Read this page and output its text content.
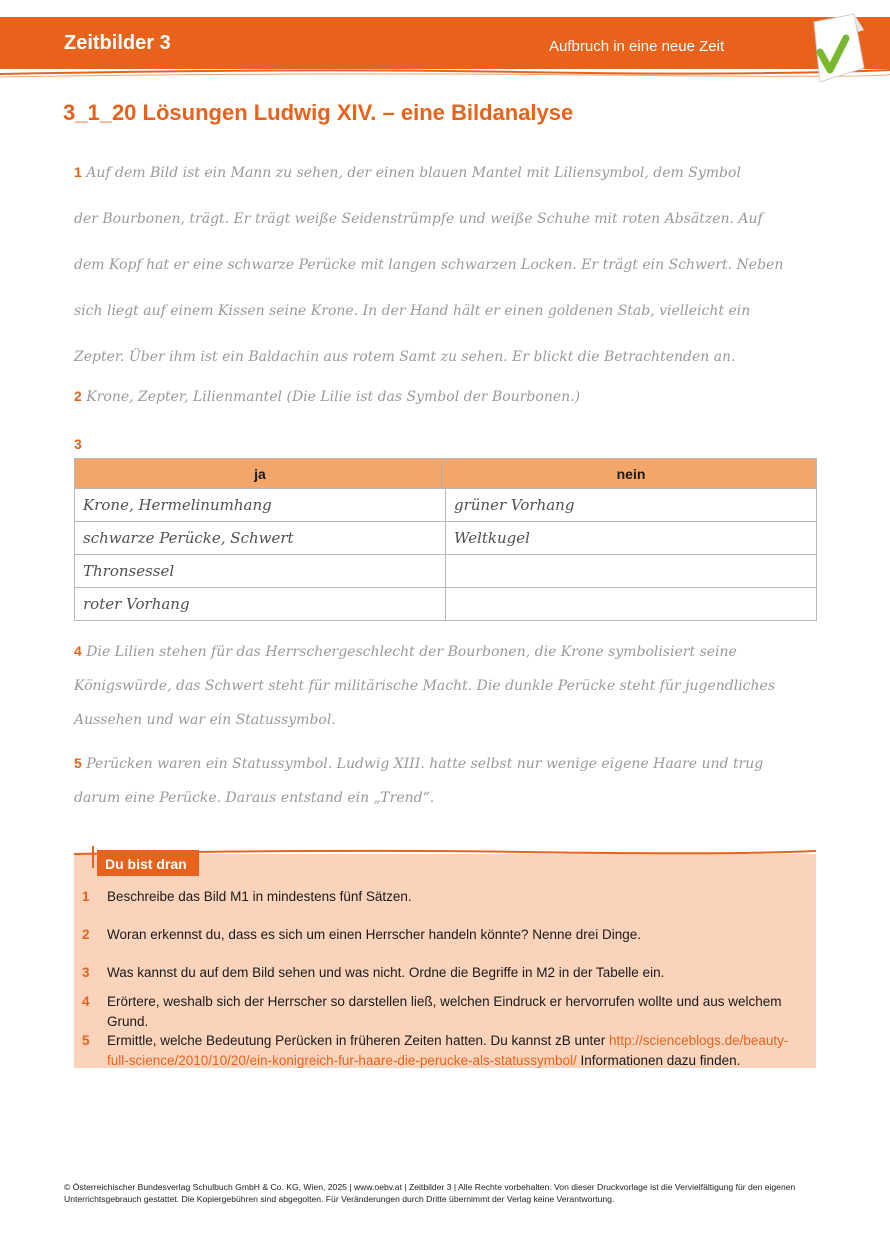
Zeitbilder 3	Aufbruch in eine neue Zeit
3_1_20 Lösungen Ludwig XIV. – eine Bildanalyse
1 Auf dem Bild ist ein Mann zu sehen, der einen blauen Mantel mit Liliensymbol, dem Symbol
der Bourbonen, trägt. Er trägt weiße Seidenstrümpfe und weiße Schuhe mit roten Absätzen. Auf
dem Kopf hat er eine schwarze Perücke mit langen schwarzen Locken. Er trägt ein Schwert. Neben
sich liegt auf einem Kissen seine Krone. In der Hand hält er einen goldenen Stab, vielleicht ein
Zepter. Über ihm ist ein Baldachin aus rotem Samt zu sehen. Er blickt die Betrachtenden an.
2 Krone, Zepter, Lilienmantel (Die Lilie ist das Symbol der Bourbonen.)
3
ja	nein
Krone, Hermelinumhang	grüner Vorhang
schwarze Perücke, Schwert	Weltkugel
Thronsessel	
roter Vorhang	
4 Die Lilien stehen für das Herrschergeschlecht der Bourbonen, die Krone symbolisiert seine
Königswürde, das Schwert steht für militärische Macht. Die dunkle Perücke steht für jugendliches
Aussehen und war ein Statussymbol.
5 Perücken waren ein Statussymbol. Ludwig XIII. hatte selbst nur wenige eigene Haare und trug
darum eine Perücke. Daraus entstand ein „Trend“.
Du bist dran
1 Beschreibe das Bild M1 in mindestens fünf Sätzen.
2 Woran erkennst du, dass es sich um einen Herrscher handeln könnte? Nenne drei Dinge.
3 Was kannst du auf dem Bild sehen und was nicht. Ordne die Begriffe in M2 in der Tabelle ein.
4 Erörtere, weshalb sich der Herrscher so darstellen ließ, welchen Eindruck er hervorrufen wollte und aus welchem Grund.
5 Ermittle, welche Bedeutung Perücken in früheren Zeiten hatten. Du kannst zB unter http://scienceblogs.de/beauty-full-science/2010/10/20/ein-konigreich-fur-haare-die-perucke-als-statussymbol/ Informationen dazu finden.
© Österreichischer Bundesverlag Schulbuch GmbH & Co. KG, Wien, 2025 | www.oebv.at | Zeitbilder 3 | Alle Rechte vorbehalten. Von dieser Druckvorlage ist die Vervielfältigung für den eigenen Unterrichtsgebrauch gestattet. Die Kopiergebühren sind abgegolten. Für Veränderungen durch Dritte übernimmt der Verlag keine Verantwortung.
